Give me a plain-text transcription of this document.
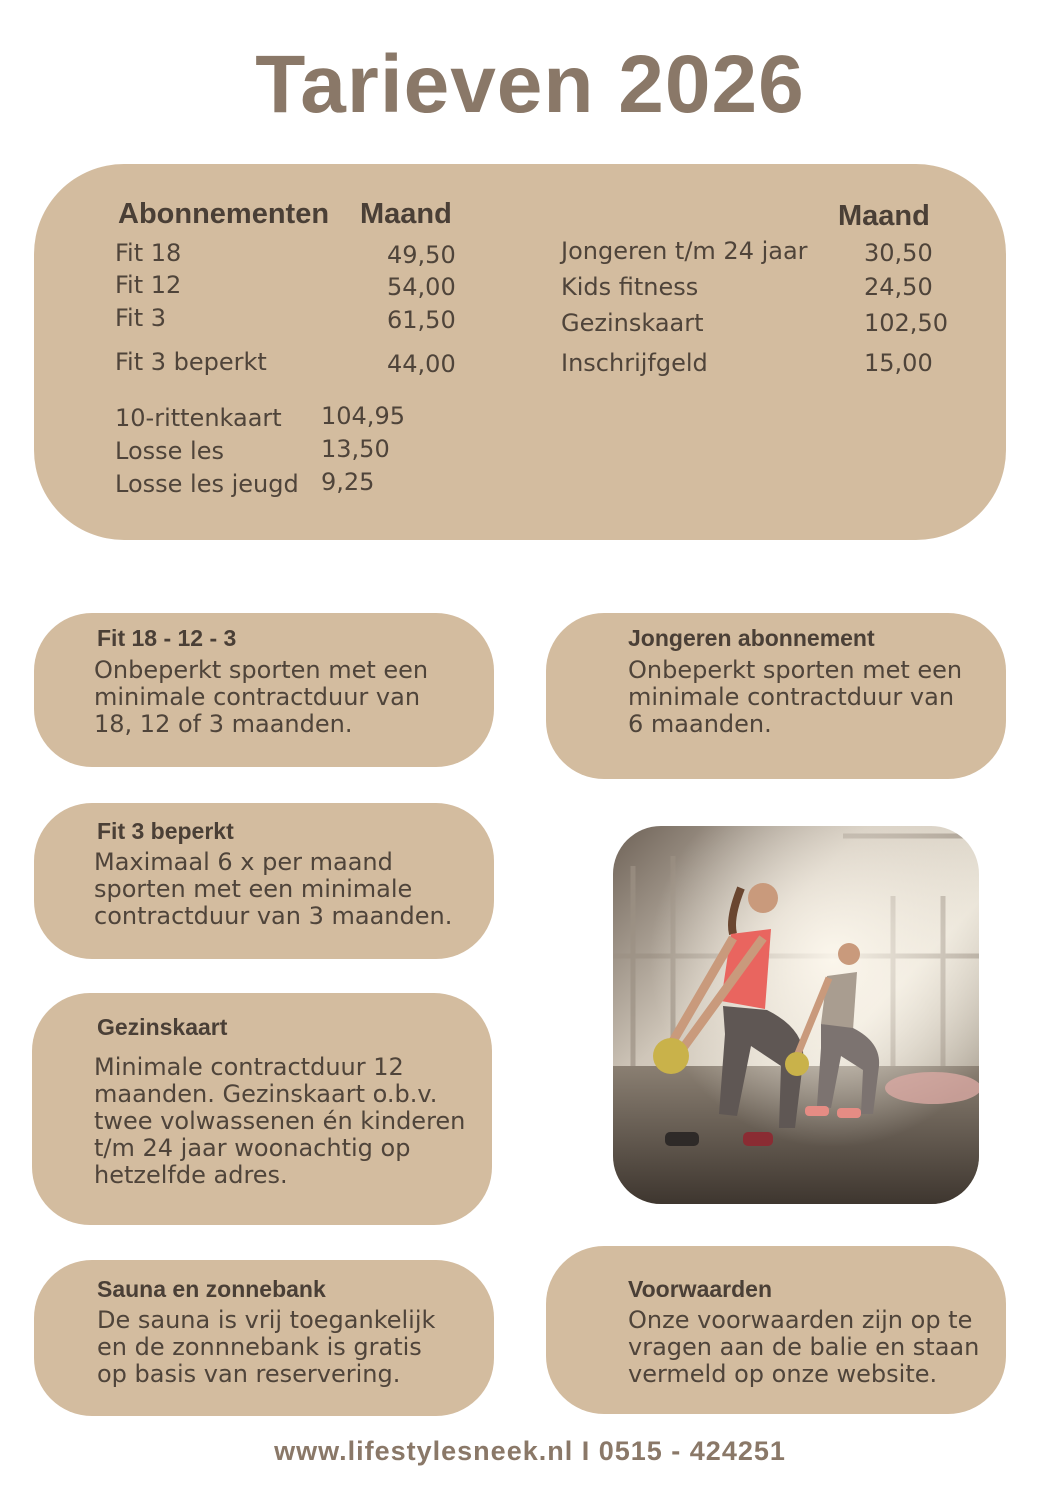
Tarieven 2026
Abonnementen Maand	Maand
Fit 18	49,50
Fit 12	54,00
Fit 3	61,50
Fit 3 beperkt	44,00
10-rittenkaart 104,95
Losse les	13,50
Losse les jeugd 9,25
Jongeren t/m 24 jaar 30,50
Kids fitness	24,50
Gezinskaart	102,50
Inschrijfgeld	15,00
Fit 18 - 12 - 3
Onbeperkt sporten met een
minimale contractduur van
18, 12 of 3 maanden.
Jongeren abonnement
Onbeperkt sporten met een
minimale contractduur van
6 maanden.
Fit 3 beperkt
Maximaal 6 x per maand
sporten met een minimale
contractduur van 3 maanden.
Gezinskaart
Minimale contractduur 12
maanden. Gezinskaart o.b.v.
twee volwassenen én kinderen
t/m 24 jaar woonachtig op
hetzelfde adres.
Sauna en zonnebank
De sauna is vrij toegankelijk
en de zonnnebank is gratis
op basis van reservering.
Voorwaarden
Onze voorwaarden zijn op te
vragen aan de balie en staan
vermeld op onze website.
www.lifestylesneek.nl I 0515 - 424251
